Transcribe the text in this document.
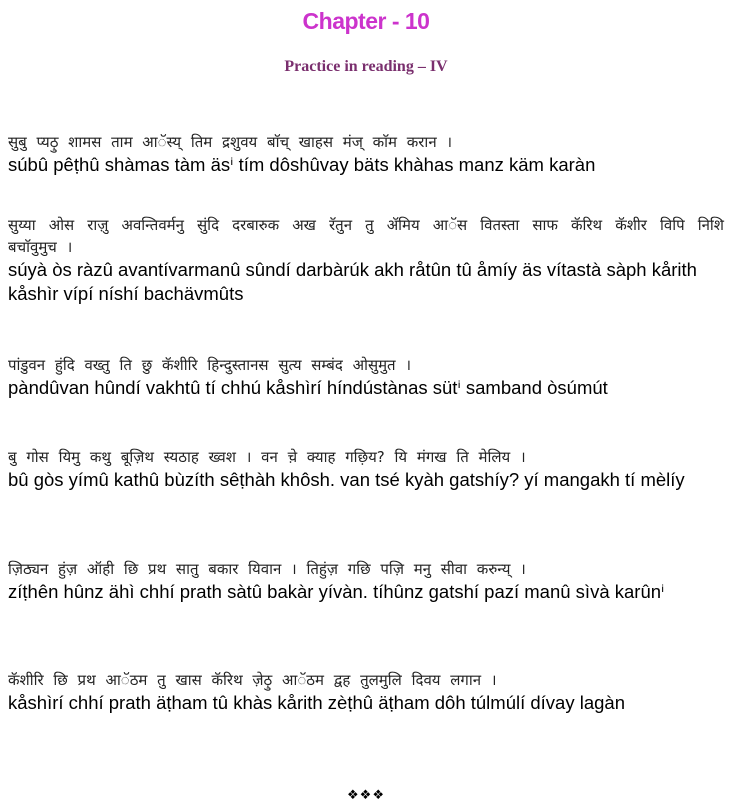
Chapter - 10
Practice in reading – IV
सुबु प्यठ़ु शामस ताम आॅस्य् तिम द्रशुवय बाॅच् खाहस मंज् काॅम करान ।
súbû pêṭhû shàmas tàm äsⁱ tím dôshûvay bäts khàhas manz käm karàn
सुय्या ओस राज़ु अवन्तिवर्मनु सुंदि दरबारुक अख रॅतुन तु ॲमिय आॅस वितस्ता साफ कॅरिथ कॅशीर विपि निशि बचाॅवुमुच ।
súyà òs ràzû avantívarmanû sûndí darbàrúk akh råtûn tû åmíy äs vítastà sàph kårith kåshìr vípí níshí bachävmûts
पांडुवन हुंदि वख्तु ति छु कॅशीरि हिन्दुस्तानस सुत्य सम्बंद ओसुमुत ।
pàndûvan hûndí vakhtû tí chhú kåshìrí híndústànas sütⁱ samband òsúmút
बु गोस यिमु कथु बूज़िथ स्यठाह ख्वश । वन चे़ क्याह गछ़िय? यि मंगख ति मेलिय ।
bû gòs yímû kathû bùzíth sêṭhàh khôsh. van tsé kyàh gatshíy? yí mangakh tí mèlíy
ज़िठ्यन हुंज़ ऑही छि प्रथ सातु बकार यिवान । तिहुंज़ गछि पज़ि मनु सीवा करुन्य् ।
zíṭhên hûnz ähì chhí prath sàtû bakàr yívàn. tíhûnz gatshí pazí manû sìvà karûnⁱ
कॅशीरि छि प्रथ आॅठम तु खास कॅरिथ ज़ेठ़ु आॅठम द्वह तुलमुलि दिवय लगान ।
kåshìrí chhí prath äṭham tû khàs kårith zèṭhû äṭham dôh túlmúlí dívay lagàn
❖❖❖
